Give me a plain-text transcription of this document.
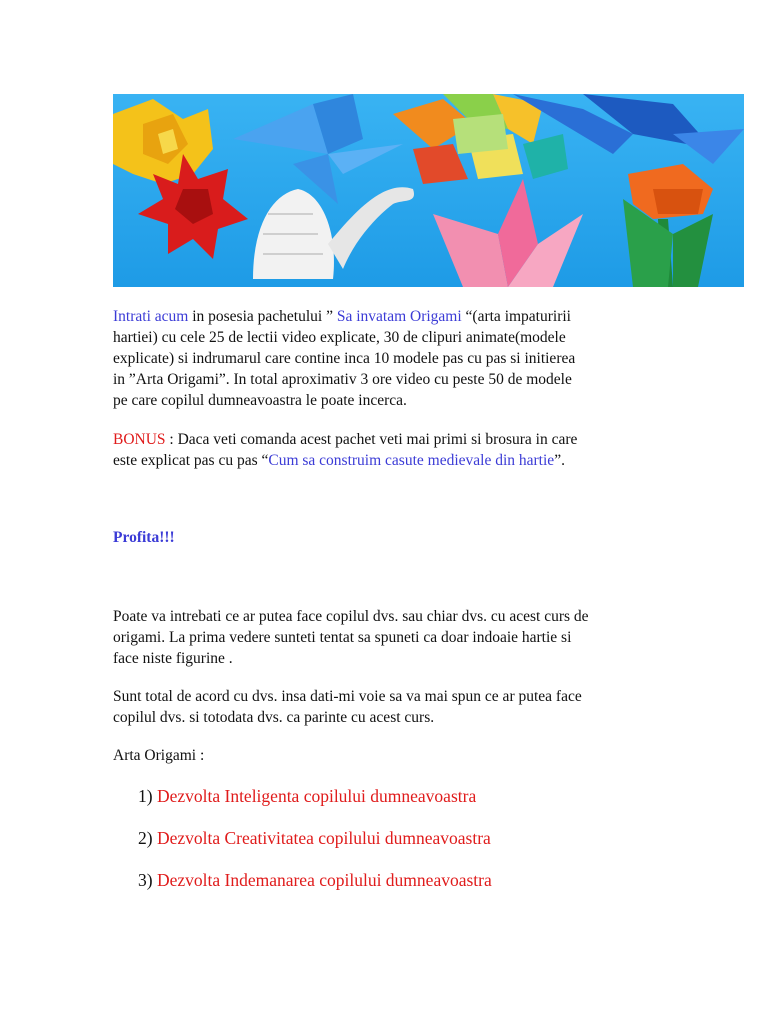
Intrati acum in posesia pachetului ” Sa invatam Origami “(arta impaturirii
hartiei) cu cele 25 de lectii video explicate, 30 de clipuri animate(modele
explicate) si indrumarul care contine inca 10 modele pas cu pas si initierea
in ”Arta Origami”. In total aproximativ 3 ore video cu peste 50 de modele
pe care copilul dumneavoastra le poate incerca.

BONUS : Daca veti comanda acest pachet veti mai primi si brosura in care
este explicat pas cu pas “Cum sa construim casute medievale din hartie”.

Profita!!!

Poate va intrebati ce ar putea face copilul dvs. sau chiar dvs. cu acest curs de
origami. La prima vedere sunteti tentat sa spuneti ca doar indoaie hartie si
face niste figurine .

Sunt total de acord cu dvs. insa dati-mi voie sa va mai spun ce ar putea face
copilul dvs. si totodata dvs. ca parinte cu acest curs.

Arta Origami :

1) Dezvolta Inteligenta copilului dumneavoastra

2) Dezvolta Creativitatea copilului dumneavoastra

3) Dezvolta Indemanarea copilului dumneavoastra
